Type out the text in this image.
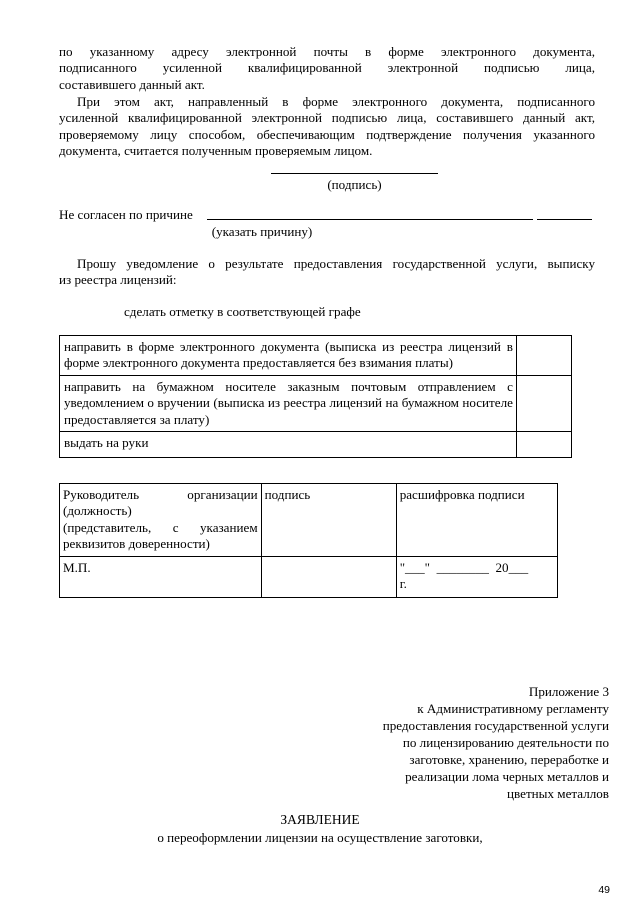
по указанному адресу электронной почты в форме электронного документа,

подписанного усиленной квалифицированной электронной подписью лица,

составившего данный акт.

При этом акт, направленный в форме электронного документа, подписанного

усиленной квалифицированной электронной подписью лица, составившего данный акт,

проверяемому лицу способом, обеспечивающим подтверждение получения указанного

документа, считается полученным проверяемым лицом.

(подпись)
Не согласен по причине
(указать причину)

Прошу уведомление о результате предоставления государственной услуги, выписку

из реестра лицензий:

сделать отметку в соответствующей графе
направить в форме электронного документа (выписка из реестра лицензий в форме электронного документа предоставляется без взимания платы)	
направить на бумажном носителе заказным почтовым отправлением с уведомлением о вручении (выписка из реестра лицензий на бумажном носителе предоставляется за плату)	
выдать на руки	
Руководитель организации
(должность)
(представитель, с указанием
реквизитов доверенности)	подпись	расшифровка подписи
М.П.		"___"  ________  20___
г.
Приложение 3
к Административному регламенту
предоставления государственной услуги
по лицензированию деятельности по
заготовке, хранению, переработке и
реализации лома черных металлов и
цветных металлов
ЗАЯВЛЕНИЕ
о переоформлении лицензии на осуществление заготовки,
49
